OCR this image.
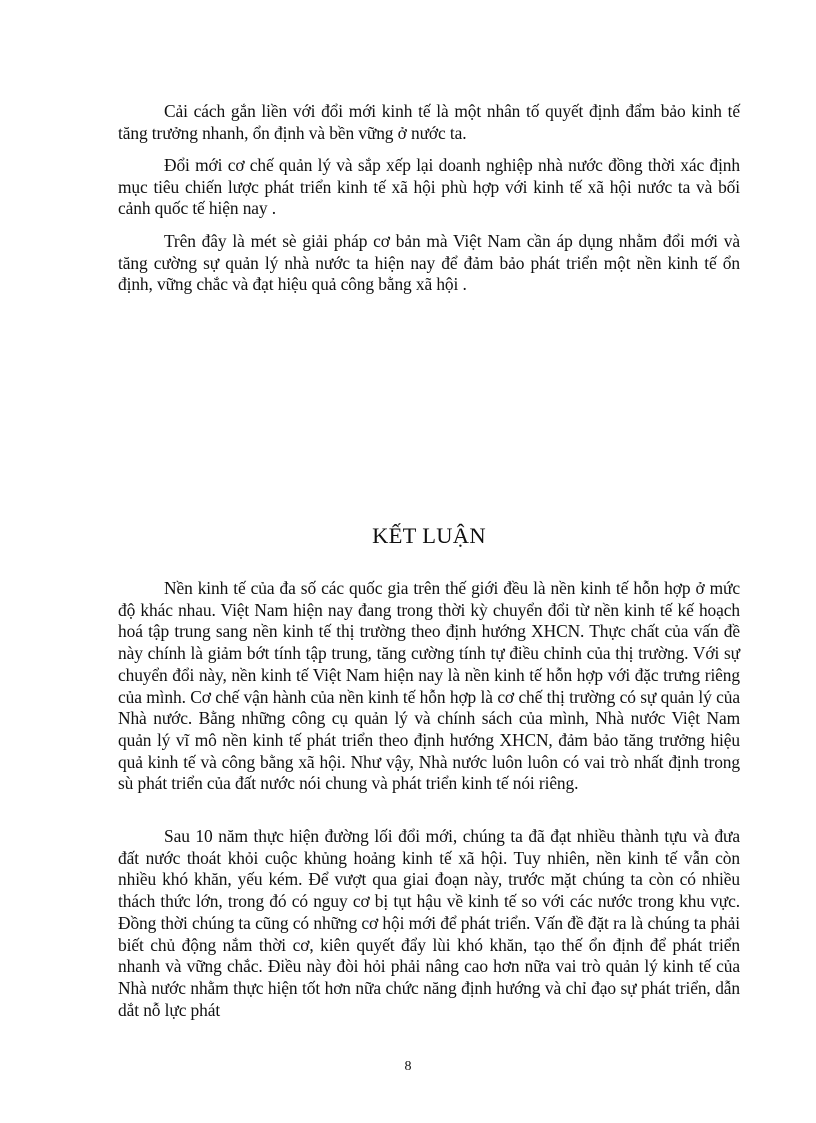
Cải cách gắn liền với đổi mới kinh tế là một nhân tố quyết định đẩm bảo kinh tế tăng trưởng nhanh, ổn định và bền vững ở nước ta.

Đổi mới cơ chế quản lý và sắp xếp lại doanh nghiệp nhà nước đồng thời xác định mục tiêu chiến lược phát triển kinh tế xã hội phù hợp với kinh tế xã hội nước ta và bối cảnh quốc tế hiện nay .

Trên đây là mét sè giải pháp cơ bản mà Việt Nam cần áp dụng nhằm đổi mới và tăng cường sự quản lý nhà nước ta hiện nay để đảm bảo phát triển một nền kinh tế ổn định, vững chắc và đạt hiệu quả công bằng xã hội .

KẾT LUẬN

Nền kinh tế của đa số các quốc gia trên thế giới đều là nền kinh tế hỗn hợp ở mức độ khác nhau. Việt Nam hiện nay đang trong thời kỳ chuyển đổi từ nền kinh tế kế hoạch hoá tập trung sang nền kinh tế thị trường theo định hướng XHCN. Thực chất của vấn đề này chính là giảm bớt tính tập trung, tăng cường tính tự điều chỉnh của thị trường. Với sự chuyển đổi này, nền kinh tế Việt Nam hiện nay là nền kinh tế hỗn hợp với đặc trưng riêng của mình. Cơ chế vận hành của nền kinh tế hỗn hợp là cơ chế thị trường có sự quản lý của Nhà nước. Bằng những công cụ quản lý và chính sách của mình, Nhà nước Việt Nam quản lý vĩ mô nền kinh tế phát triển theo định hướng XHCN, đảm bảo tăng trưởng hiệu quả kinh tế và công bằng xã hội. Như vậy, Nhà nước luôn luôn có vai trò nhất định trong sù phát triển của đất nước nói chung và phát triển kinh tế nói riêng.

Sau 10 năm thực hiện đường lối đổi mới, chúng ta đã đạt nhiều thành tựu và đưa đất nước thoát khỏi cuộc khủng hoảng kinh tế xã hội. Tuy nhiên, nền kinh tế vẫn còn nhiều khó khăn, yếu kém. Để vượt qua giai đoạn này, trước mặt chúng ta còn có nhiều thách thức lớn, trong đó có nguy cơ bị tụt hậu về kinh tế so với các nước trong khu vực. Đồng thời chúng ta cũng có những cơ hội mới để phát triển. Vấn đề đặt ra là chúng ta phải biết chủ động nắm thời cơ, kiên quyết đẩy lùi khó khăn, tạo thế ổn định để phát triển nhanh và vững chắc. Điều này đòi hỏi phải nâng cao hơn nữa vai trò quản lý kinh tế của Nhà nước nhằm thực hiện tốt hơn nữa chức năng định hướng và chỉ đạo sự phát triển, dẫn dắt nỗ lực phát

8
